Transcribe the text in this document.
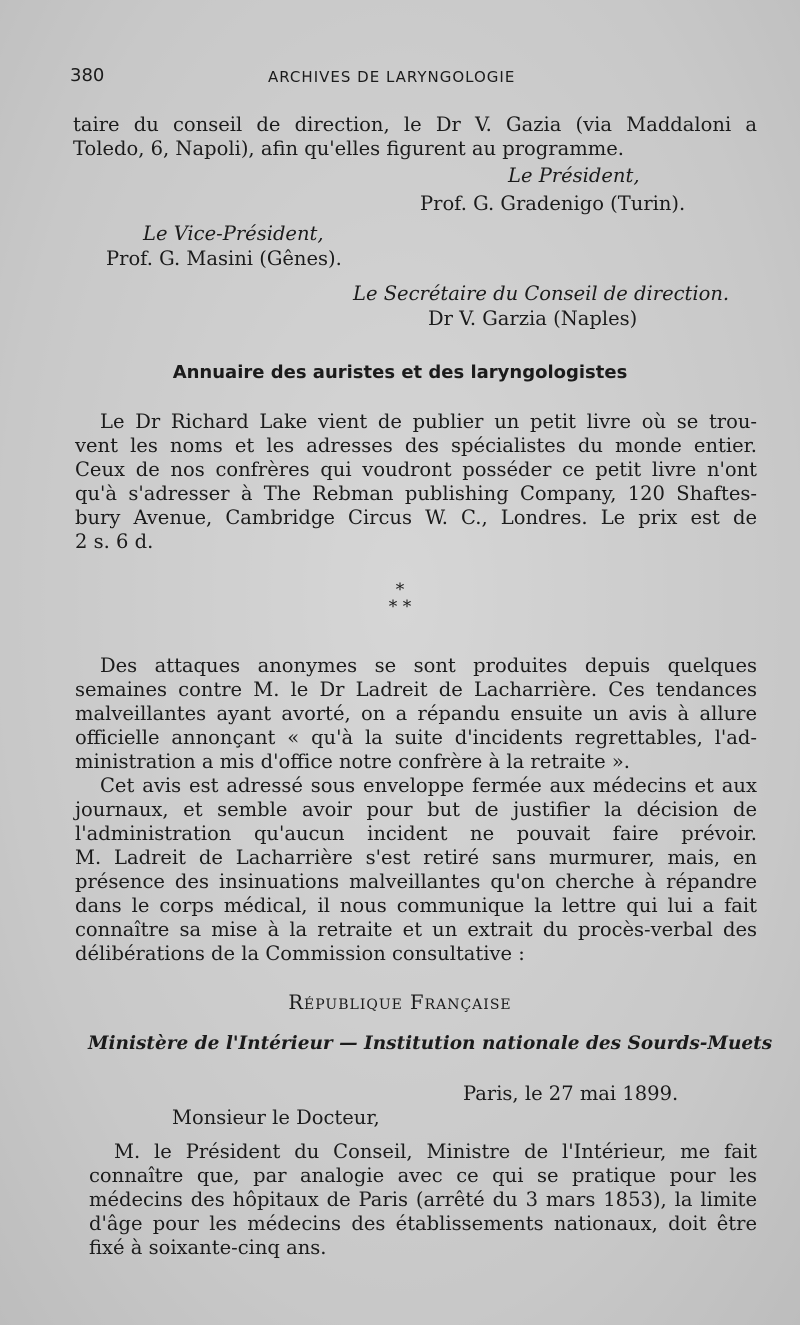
380	ARCHIVES DE LARYNGOLOGIE
taire du conseil de direction, le Dr V. Gazia (via Maddaloni a
Toledo, 6, Napoli), afin qu'elles figurent au programme.
Le Président,
Prof. G. Gradenigo (Turin).
Le Vice-Président,
Prof. G. Masini (Gênes).
Le Secrétaire du Conseil de direction.
Dr V. Garzia (Naples)
Annuaire des auristes et des laryngologistes
Le Dr Richard Lake vient de publier un petit livre où se trou-
vent les noms et les adresses des spécialistes du monde entier.
Ceux de nos confrères qui voudront posséder ce petit livre n'ont
qu'à s'adresser à The Rebman publishing Company, 120 Shaftes-
bury Avenue, Cambridge Circus W. C., Londres. Le prix est de
2 s. 6 d.
*
* *
Des attaques anonymes se sont produites depuis quelques
semaines contre M. le Dr Ladreit de Lacharrière. Ces tendances
malveillantes ayant avorté, on a répandu ensuite un avis à allure
officielle annonçant « qu'à la suite d'incidents regrettables, l'ad-
ministration a mis d'office notre confrère à la retraite ».
Cet avis est adressé sous enveloppe fermée aux médecins et aux
journaux, et semble avoir pour but de justifier la décision de
l'administration qu'aucun incident ne pouvait faire prévoir.
M. Ladreit de Lacharrière s'est retiré sans murmurer, mais, en
présence des insinuations malveillantes qu'on cherche à répandre
dans le corps médical, il nous communique la lettre qui lui a fait
connaître sa mise à la retraite et un extrait du procès-verbal des
délibérations de la Commission consultative :
République Française
Ministère de l'Intérieur — Institution nationale des Sourds-Muets
Paris, le 27 mai 1899.
Monsieur le Docteur,
M. le Président du Conseil, Ministre de l'Intérieur, me fait
connaître que, par analogie avec ce qui se pratique pour les
médecins des hôpitaux de Paris (arrêté du 3 mars 1853), la limite
d'âge pour les médecins des établissements nationaux, doit être
fixé à soixante-cinq ans.
